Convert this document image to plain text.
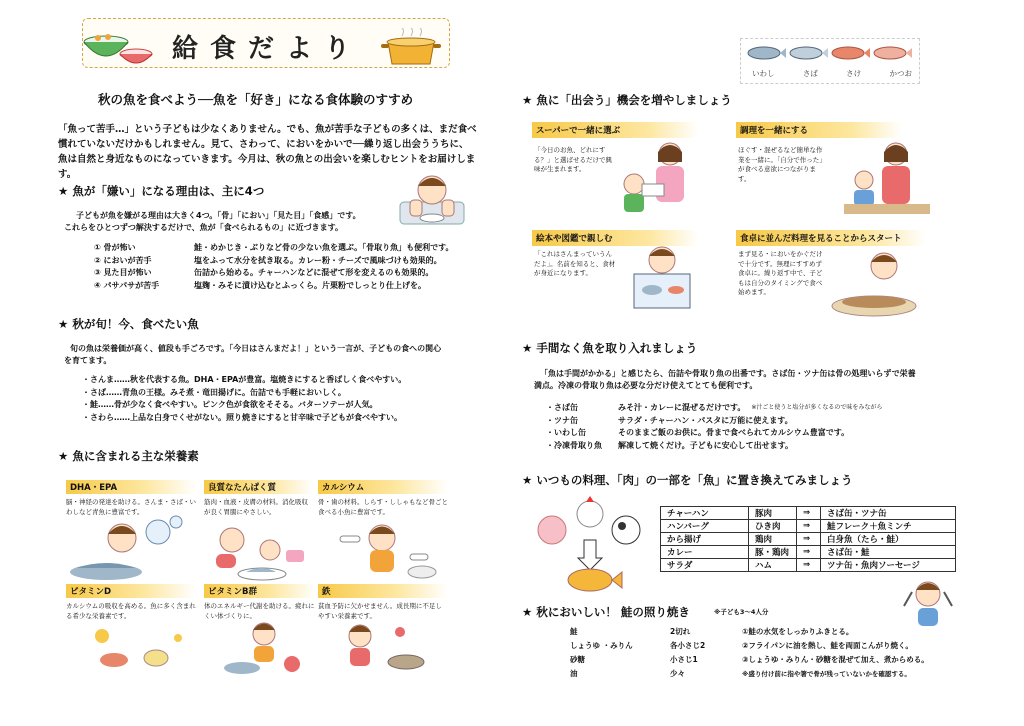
給食だより
秋の魚を食べよう──魚を「好き」になる食体験のすすめ
「魚って苦手…」という子どもは少なくありません。でも、魚が苦手な子どもの多くは、まだ食べ慣れていないだけかもしれません。見て、さわって、においをかいで──繰り返し出会ううちに、魚は自然と身近なものになっていきます。今月は、秋の魚との出会いを楽しむヒントをお届けします。
★ 魚が「嫌い」になる理由は、主に4つ
子どもが魚を嫌がる理由は大きく4つ。「骨」「におい」「見た目」「食感」です。
これらをひとつずつ解決するだけで、魚が「食べられるもの」に近づきます。
① 骨が怖い	鮭・めかじき・ぶりなど骨の少ない魚を選ぶ。「骨取り魚」も便利です。
② においが苦手	塩をふって水分を拭き取る。カレー粉・チーズで風味づけも効果的。
③ 見た目が怖い	缶詰から始める。チャーハンなどに混ぜて形を変えるのも効果的。
④ パサパサが苦手	塩麹・みそに漬け込むとふっくら。片栗粉でしっとり仕上げを。
★ 秋が旬！今、食べたい魚
旬の魚は栄養価が高く、値段も手ごろです。「今日はさんまだよ！」という一言が、子どもの食への関心
を育てます。
・さんま……秋を代表する魚。DHA・EPAが豊富。塩焼きにすると香ばしく食べやすい。
・さば……青魚の王様。みそ煮・竜田揚げに。缶詰でも手軽においしく。
・鮭……骨が少なく食べやすい。ピンク色が食欲をそそる。バターソテーが人気。
・さわら……上品な白身でくせがない。照り焼きにすると甘辛味で子どもが食べやすい。
★ 魚に含まれる主な栄養素
DHA・EPA
脳・神経の発達を助ける。さんま・さば・いわしなど青魚に豊富です。
良質なたんぱく質
筋肉・血液・皮膚の材料。消化吸収が良く胃腸にやさしい。
カルシウム
骨・歯の材料。しらす・ししゃもなど骨ごと食べる小魚に豊富です。
ビタミンD
カルシウムの吸収を高める。魚に多く含まれる希少な栄養素です。
ビタミンB群
体のエネルギー代謝を助ける。疲れにくい体づくりに。
鉄
貧血予防に欠かせません。成長期に不足しやすい栄養素です。
いわし	さば	さけ	かつお
★ 魚に「出会う」機会を増やしましょう
スーパーで一緒に選ぶ
「今日のお魚、どれにする？」と選ばせるだけで興味が生まれます。
調理を一緒にする
ほぐす・混ぜるなど簡単な作業を一緒に。「自分で作った」が食べる意欲につながります。
絵本や図鑑で親しむ
「これはさんまっていうんだよ」。名前を知ると、食材が身近になります。
食卓に並んだ料理を見ることからスタート
まず見る・においをかぐだけで十分です。無理にすすめず食卓に。繰り返す中で、子どもは自分のタイミングで食べ始めます。
★ 手間なく魚を取り入れましょう
「魚は手間がかかる」と感じたら、缶詰や骨取り魚の出番です。さば缶・ツナ缶は骨の処理いらずで栄養
満点。冷凍の骨取り魚は必要な分だけ使えてとても便利です。
・さば缶	みそ汁・カレーに混ぜるだけです。 ※汁ごと使うと塩分が多くなるので味をみながら
・ツナ缶	サラダ・チャーハン・パスタに万能に使えます。
・いわし缶	そのままご飯のお供に。骨まで食べられてカルシウム豊富です。
・冷凍骨取り魚	解凍して焼くだけ。子どもに安心して出せます。
★ いつもの料理、「肉」の一部を「魚」に置き換えてみましょう
チャーハン	豚肉	⇒	さば缶・ツナ缶
ハンバーグ	ひき肉	⇒	鮭フレーク＋魚ミンチ
から揚げ	鶏肉	⇒	白身魚（たら・鮭）
カレー	豚・鶏肉	⇒	さば缶・鮭
サラダ	ハム	⇒	ツナ缶・魚肉ソーセージ
★ 秋においしい！ 鮭の照り焼き	※子ども3～4人分
鮭	2切れ
しょうゆ ・みりん	各小さじ2
砂糖	小さじ1
油	少々
①鮭の水気をしっかりふきとる。
②フライパンに油を熱し、鮭を両面こんがり焼く。
③しょうゆ・みりん・砂糖を混ぜて加え、煮からめる。
※盛り付け前に指や箸で骨が残っていないかを確認する。
